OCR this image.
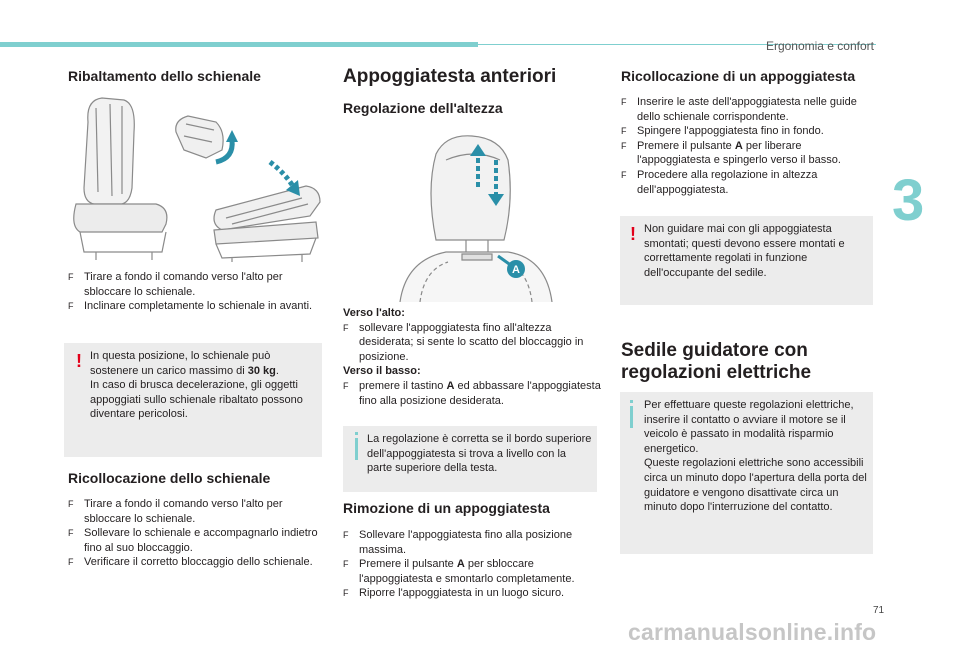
Ergonomia e confort
3
71
carmanualsonline.info
Ribaltamento dello schienale
F Tirare a fondo il comando verso l'alto per sbloccare lo schienale.
F Inclinare completamente lo schienale in avanti.
! In questa posizione, lo schienale può sostenere un carico massimo di 30 kg.
In caso di brusca decelerazione, gli oggetti appoggiati sullo schienale ribaltato possono diventare pericolosi.
Ricollocazione dello schienale
F Tirare a fondo il comando verso l'alto per sbloccare lo schienale.
F Sollevare lo schienale e accompagnarlo indietro fino al suo bloccaggio.
F Verificare il corretto bloccaggio dello schienale.
Appoggiatesta anteriori
Regolazione dell'altezza
A
Verso l'alto:
F sollevare l'appoggiatesta fino all'altezza desiderata; si sente lo scatto del bloccaggio in posizione.
Verso il basso:
F premere il tastino A ed abbassare l'appoggiatesta fino alla posizione desiderata.
La regolazione è corretta se il bordo superiore dell'appoggiatesta si trova a livello con la parte superiore della testa.
Rimozione di un appoggiatesta
F Sollevare l'appoggiatesta fino alla posizione massima.
F Premere il pulsante A per sbloccare l'appoggiatesta e smontarlo completamente.
F Riporre l'appoggiatesta in un luogo sicuro.
Ricollocazione di un appoggiatesta
F Inserire le aste dell'appoggiatesta nelle guide dello schienale corrispondente.
F Spingere l'appoggiatesta fino in fondo.
F Premere il pulsante A per liberare l'appoggiatesta e spingerlo verso il basso.
F Procedere alla regolazione in altezza dell'appoggiatesta.
! Non guidare mai con gli appoggiatesta smontati; questi devono essere montati e correttamente regolati in funzione dell'occupante del sedile.
Sedile guidatore con regolazioni elettriche
Per effettuare queste regolazioni elettriche, inserire il contatto o avviare il motore se il veicolo è passato in modalità risparmio energetico.
Queste regolazioni elettriche sono accessibili circa un minuto dopo l'apertura della porta del guidatore e vengono disattivate circa un minuto dopo l'interruzione del contatto.
